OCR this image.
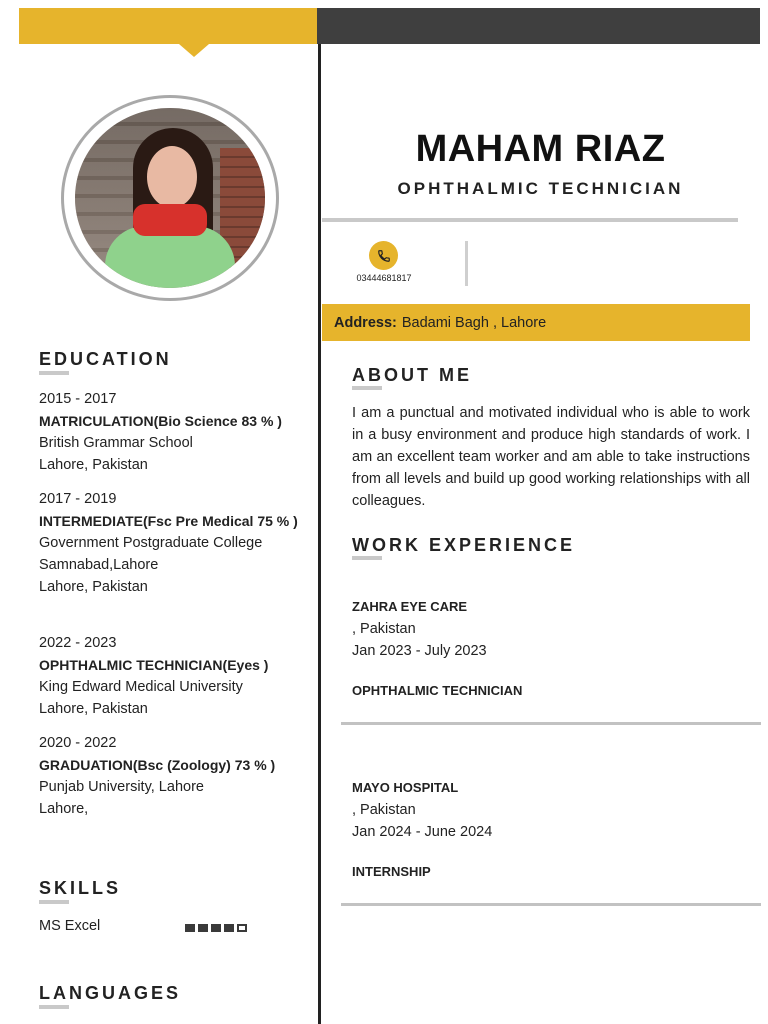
MAHAM RIAZ
OPHTHALMIC TECHNICIAN
03444681817
Address: Badami Bagh , Lahore
EDUCATION
2015 - 2017
MATRICULATION(Bio Science 83 % )
British Grammar School
Lahore, Pakistan
2017 - 2019
INTERMEDIATE(Fsc Pre Medical 75 % )
Government Postgraduate College Samnabad,Lahore
Lahore, Pakistan
2022 - 2023
OPHTHALMIC TECHNICIAN(Eyes )
King Edward Medical University
Lahore, Pakistan
2020 - 2022
GRADUATION(Bsc (Zoology) 73 % )
Punjab University, Lahore
Lahore,
SKILLS
MS Excel
LANGUAGES
ABOUT ME
I am a punctual and motivated individual who is able to work in a busy environment and produce high standards of work. I am an excellent team worker and am able to take instructions from all levels and build up good working relationships with all colleagues.
WORK EXPERIENCE
ZAHRA EYE CARE
, Pakistan
Jan 2023 - July 2023
OPHTHALMIC TECHNICIAN
MAYO HOSPITAL
, Pakistan
Jan 2024 - June 2024
INTERNSHIP
